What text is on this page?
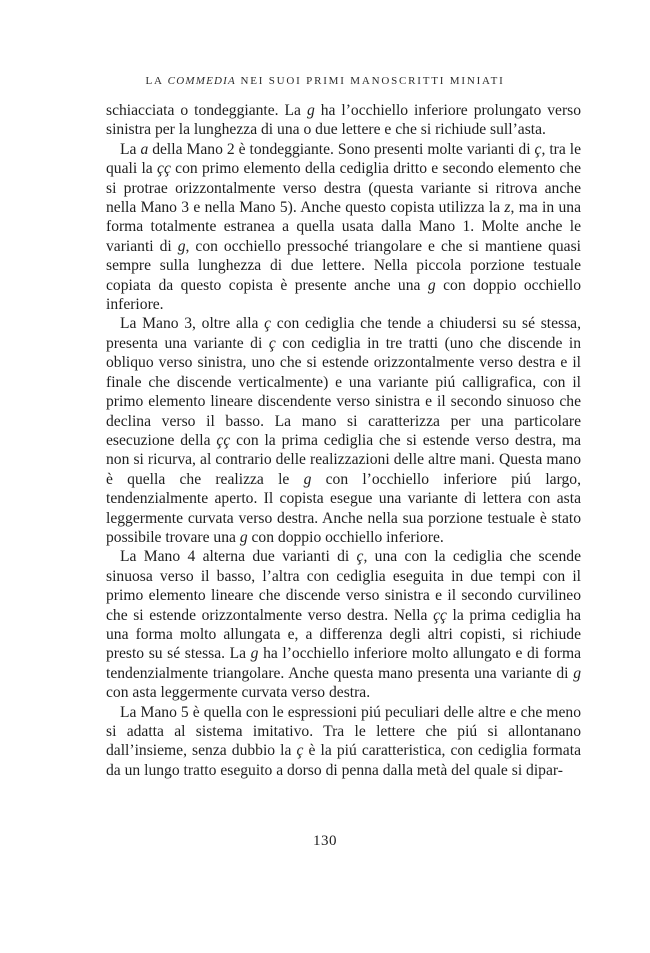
LA COMMEDIA NEI SUOI PRIMI MANOSCRITTI MINIATI

schiacciata o tondeggiante. La g ha l’occhiello inferiore prolungato verso sinistra per la lunghezza di una o due lettere e che si richiude sull’asta.

La a della Mano 2 è tondeggiante. Sono presenti molte varianti di ç, tra le quali la çç con primo elemento della cediglia dritto e secondo elemento che si protrae orizzontalmente verso destra (questa variante si ritrova anche nella Mano 3 e nella Mano 5). Anche questo copista utilizza la z, ma in una forma totalmente estranea a quella usata dalla Mano 1. Molte anche le varianti di g, con occhiello pressoché triangolare e che si mantiene quasi sempre sulla lunghezza di due lettere. Nella piccola porzione testuale copiata da questo copista è presente anche una g con doppio occhiello inferiore.

La Mano 3, oltre alla ç con cediglia che tende a chiudersi su sé stessa, presenta una variante di ç con cediglia in tre tratti (uno che discende in obliquo verso sinistra, uno che si estende orizzontalmente verso destra e il finale che discende verticalmente) e una variante piú calligrafica, con il primo elemento lineare discendente verso sinistra e il secondo sinuoso che declina verso il basso. La mano si caratterizza per una particolare esecuzione della çç con la prima cediglia che si estende verso destra, ma non si ricurva, al contrario delle realizzazioni delle altre mani. Questa mano è quella che realizza le g con l’occhiello inferiore piú largo, tendenzialmente aperto. Il copista esegue una variante di lettera con asta leggermente curvata verso destra. Anche nella sua porzione testuale è stato possibile trovare una g con doppio occhiello inferiore.

La Mano 4 alterna due varianti di ç, una con la cediglia che scende sinuosa verso il basso, l’altra con cediglia eseguita in due tempi con il primo elemento lineare che discende verso sinistra e il secondo curvilineo che si estende orizzontalmente verso destra. Nella çç la prima cediglia ha una forma molto allungata e, a differenza degli altri copisti, si richiude presto su sé stessa. La g ha l’occhiello inferiore molto allungato e di forma tendenzialmente triangolare. Anche questa mano presenta una variante di g con asta leggermente curvata verso destra.

La Mano 5 è quella con le espressioni piú peculiari delle altre e che meno si adatta al sistema imitativo. Tra le lettere che piú si allontanano dall’insieme, senza dubbio la ç è la piú caratteristica, con cediglia formata da un lungo tratto eseguito a dorso di penna dalla metà del quale si dipar-

130
